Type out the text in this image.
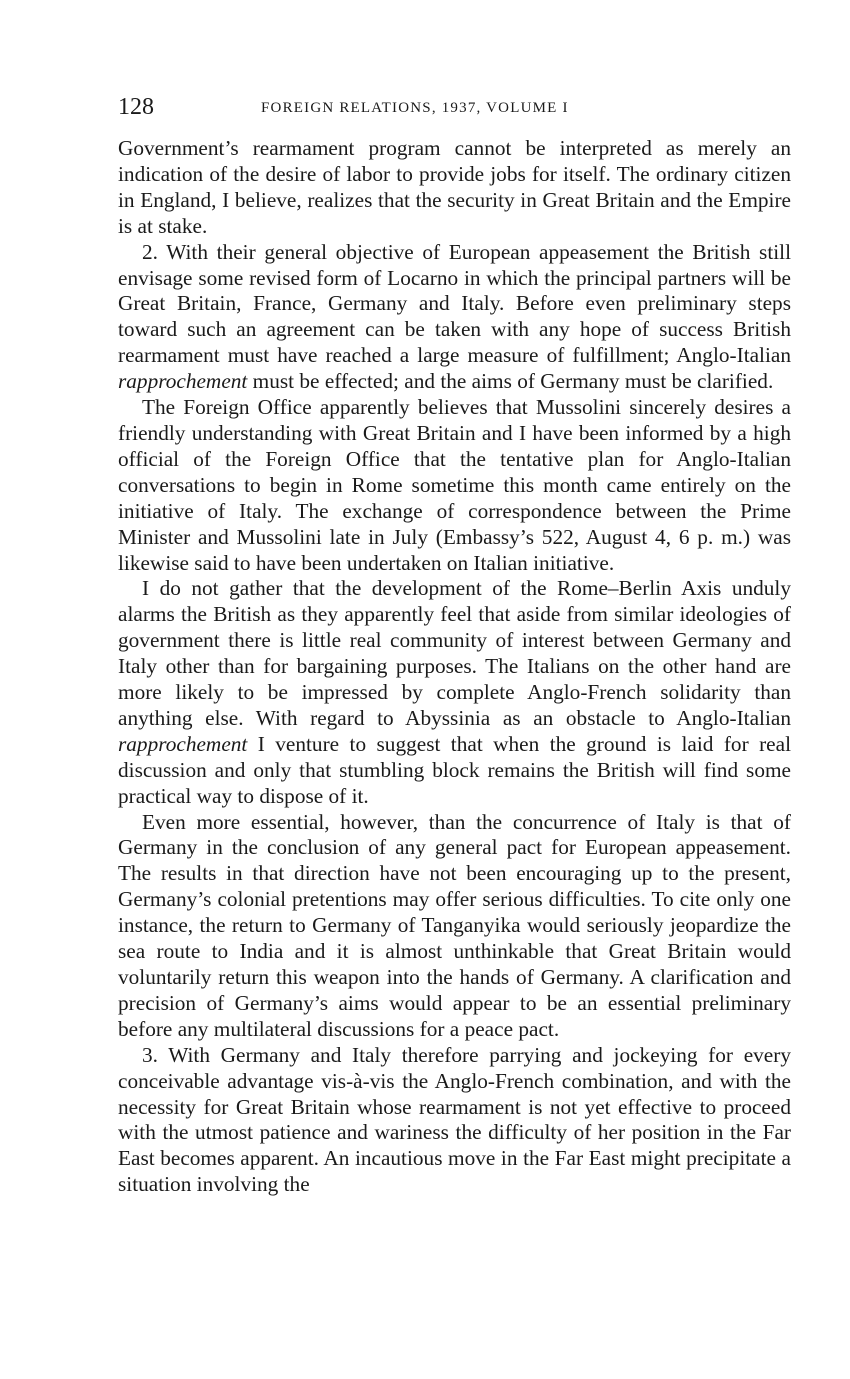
128	FOREIGN RELATIONS, 1937, VOLUME I

Government’s rearmament program cannot be interpreted as merely an indication of the desire of labor to provide jobs for itself. The ordinary citizen in England, I believe, realizes that the security in Great Britain and the Empire is at stake.

2. With their general objective of European appeasement the British still envisage some revised form of Locarno in which the principal partners will be Great Britain, France, Germany and Italy. Before even preliminary steps toward such an agreement can be taken with any hope of success British rearmament must have reached a large measure of fulfillment; Anglo-Italian rapprochement must be effected; and the aims of Germany must be clarified.

The Foreign Office apparently believes that Mussolini sincerely desires a friendly understanding with Great Britain and I have been informed by a high official of the Foreign Office that the tentative plan for Anglo-Italian conversations to begin in Rome sometime this month came entirely on the initiative of Italy. The exchange of correspondence between the Prime Minister and Mussolini late in July (Embassy’s 522, August 4, 6 p. m.) was likewise said to have been undertaken on Italian initiative.

I do not gather that the development of the Rome–Berlin Axis unduly alarms the British as they apparently feel that aside from similar ideologies of government there is little real community of interest between Germany and Italy other than for bargaining purposes. The Italians on the other hand are more likely to be impressed by complete Anglo-French solidarity than anything else. With regard to Abyssinia as an obstacle to Anglo-Italian rapprochement I venture to suggest that when the ground is laid for real discussion and only that stumbling block remains the British will find some practical way to dispose of it.

Even more essential, however, than the concurrence of Italy is that of Germany in the conclusion of any general pact for European appeasement. The results in that direction have not been encouraging up to the present, Germany’s colonial pretentions may offer serious difficulties. To cite only one instance, the return to Germany of Tanganyika would seriously jeopardize the sea route to India and it is almost unthinkable that Great Britain would voluntarily return this weapon into the hands of Germany. A clarification and precision of Germany’s aims would appear to be an essential preliminary before any multilateral discussions for a peace pact.

3. With Germany and Italy therefore parrying and jockeying for every conceivable advantage vis-à-vis the Anglo-French combination, and with the necessity for Great Britain whose rearmament is not yet effective to proceed with the utmost patience and wariness the difficulty of her position in the Far East becomes apparent. An incautious move in the Far East might precipitate a situation involving the
